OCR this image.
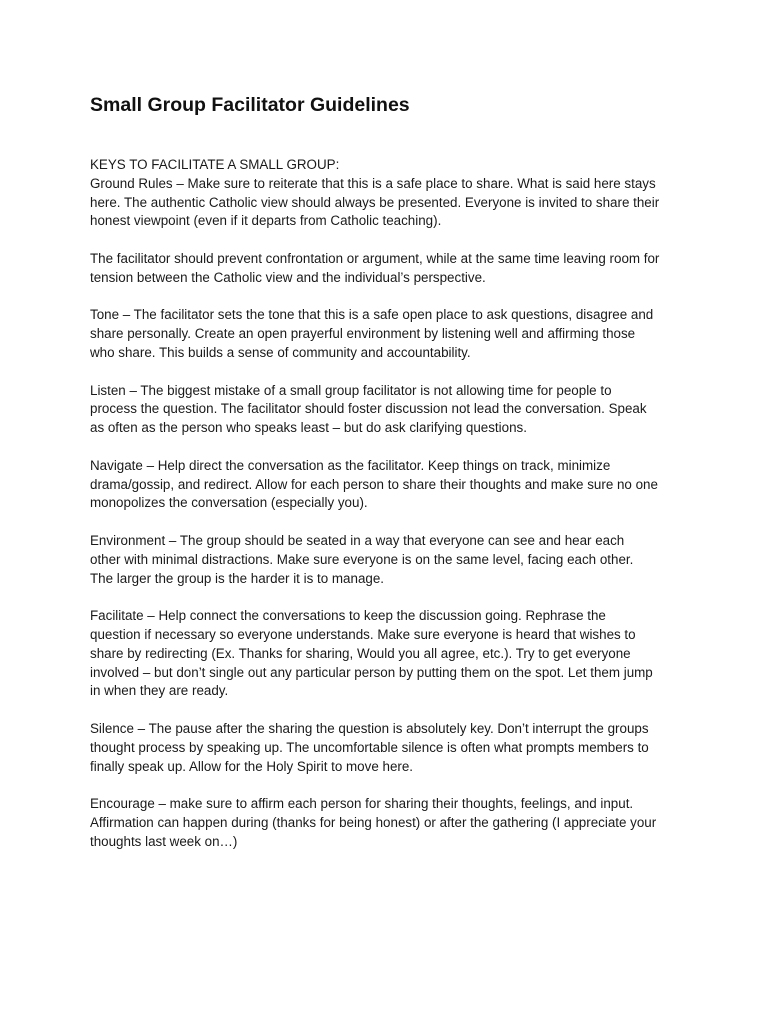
Small Group Facilitator Guidelines

KEYS TO FACILITATE A SMALL GROUP:

Ground Rules – Make sure to reiterate that this is a safe place to share. What is said here stays
here. The authentic Catholic view should always be presented. Everyone is invited to share their
honest viewpoint (even if it departs from Catholic teaching).
The facilitator should prevent confrontation or argument, while at the same time leaving room for
tension between the Catholic view and the individual’s perspective.
Tone – The facilitator sets the tone that this is a safe open place to ask questions, disagree and
share personally. Create an open prayerful environment by listening well and affirming those
who share. This builds a sense of community and accountability.
Listen – The biggest mistake of a small group facilitator is not allowing time for people to
process the question. The facilitator should foster discussion not lead the conversation. Speak
as often as the person who speaks least – but do ask clarifying questions.
Navigate – Help direct the conversation as the facilitator. Keep things on track, minimize
drama/gossip, and redirect. Allow for each person to share their thoughts and make sure no one
monopolizes the conversation (especially you).
Environment – The group should be seated in a way that everyone can see and hear each
other with minimal distractions. Make sure everyone is on the same level, facing each other.
The larger the group is the harder it is to manage.
Facilitate – Help connect the conversations to keep the discussion going. Rephrase the
question if necessary so everyone understands. Make sure everyone is heard that wishes to
share by redirecting (Ex. Thanks for sharing, Would you all agree, etc.). Try to get everyone
involved – but don’t single out any particular person by putting them on the spot. Let them jump
in when they are ready.
Silence – The pause after the sharing the question is absolutely key. Don’t interrupt the groups
thought process by speaking up. The uncomfortable silence is often what prompts members to
finally speak up. Allow for the Holy Spirit to move here.
Encourage – make sure to affirm each person for sharing their thoughts, feelings, and input.
Affirmation can happen during (thanks for being honest) or after the gathering (I appreciate your
thoughts last week on…)
